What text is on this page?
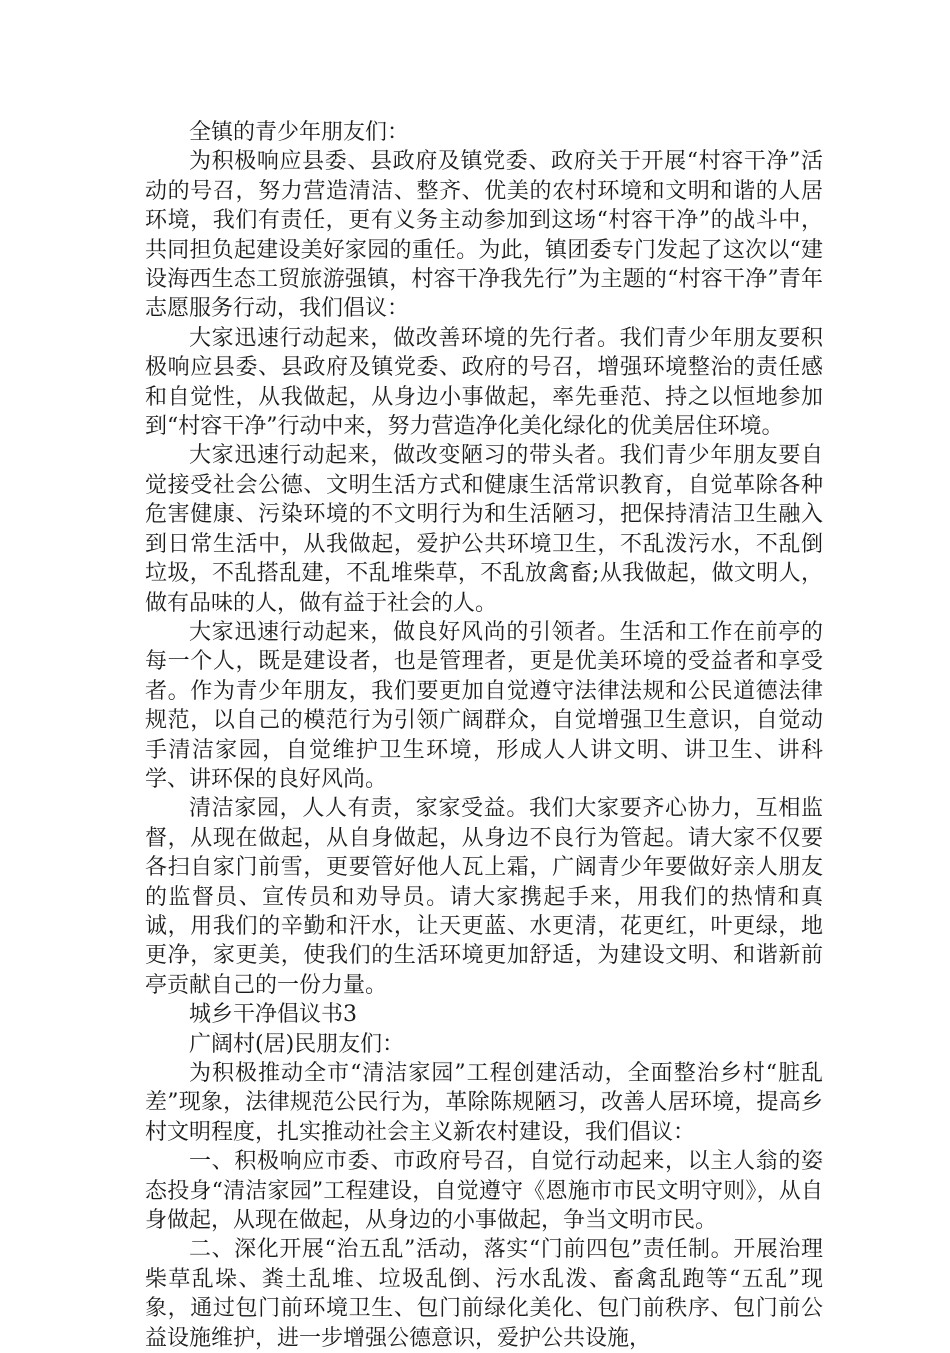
全镇的青少年朋友们：

为积极响应县委、县政府及镇党委、政府关于开展“村容干净”活动的号召，努力营造清洁、整齐、优美的农村环境和文明和谐的人居环境，我们有责任，更有义务主动参加到这场“村容干净”的战斗中，共同担负起建设美好家园的重任。为此，镇团委专门发起了这次以“建设海西生态工贸旅游强镇，村容干净我先行”为主题的“村容干净”青年志愿服务行动，我们倡议：

大家迅速行动起来，做改善环境的先行者。我们青少年朋友要积极响应县委、县政府及镇党委、政府的号召，增强环境整治的责任感和自觉性，从我做起，从身边小事做起，率先垂范、持之以恒地参加到“村容干净”行动中来，努力营造净化美化绿化的优美居住环境。

大家迅速行动起来，做改变陋习的带头者。我们青少年朋友要自觉接受社会公德、文明生活方式和健康生活常识教育，自觉革除各种危害健康、污染环境的不文明行为和生活陋习，把保持清洁卫生融入到日常生活中，从我做起，爱护公共环境卫生，不乱泼污水，不乱倒垃圾，不乱搭乱建，不乱堆柴草，不乱放禽畜;从我做起，做文明人，做有品味的人，做有益于社会的人。

大家迅速行动起来，做良好风尚的引领者。生活和工作在前亭的每一个人，既是建设者，也是管理者，更是优美环境的受益者和享受者。作为青少年朋友，我们要更加自觉遵守法律法规和公民道德法律规范，以自己的模范行为引领广阔群众，自觉增强卫生意识，自觉动手清洁家园，自觉维护卫生环境，形成人人讲文明、讲卫生、讲科学、讲环保的良好风尚。

清洁家园，人人有责，家家受益。我们大家要齐心协力，互相监督，从现在做起，从自身做起，从身边不良行为管起。请大家不仅要各扫自家门前雪，更要管好他人瓦上霜，广阔青少年要做好亲人朋友的监督员、宣传员和劝导员。请大家携起手来，用我们的热情和真诚，用我们的辛勤和汗水，让天更蓝、水更清，花更红，叶更绿，地更净，家更美，使我们的生活环境更加舒适，为建设文明、和谐新前亭贡献自己的一份力量。

城乡干净倡议书3

广阔村(居)民朋友们：

为积极推动全市“清洁家园”工程创建活动，全面整治乡村“脏乱差”现象，法律规范公民行为，革除陈规陋习，改善人居环境，提高乡村文明程度，扎实推动社会主义新农村建设，我们倡议：

一、积极响应市委、市政府号召，自觉行动起来，以主人翁的姿态投身“清洁家园”工程建设，自觉遵守《恩施市市民文明守则》，从自身做起，从现在做起，从身边的小事做起，争当文明市民。

二、深化开展“治五乱”活动，落实“门前四包”责任制。开展治理柴草乱垛、粪土乱堆、垃圾乱倒、污水乱泼、畜禽乱跑等“五乱”现象，通过包门前环境卫生、包门前绿化美化、包门前秩序、包门前公益设施维护，进一步增强公德意识，爱护公共设施，
